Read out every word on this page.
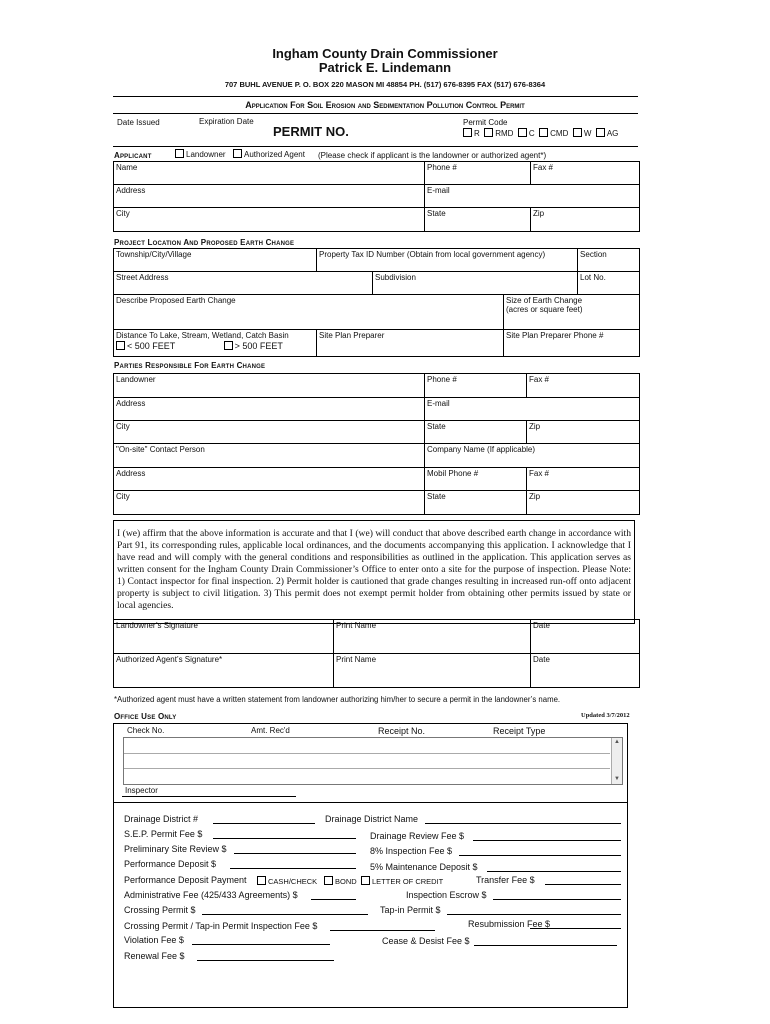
Ingham County Drain Commissioner
Patrick E. Lindemann
707 BUHL AVENUE P. O. BOX 220 MASON MI 48854 PH. (517) 676-8395 FAX (517) 676-8364
Application For Soil Erosion and Sedimentation Pollution Control Permit
Date Issued	Expiration Date
PERMIT NO.
Permit Code
R RMD C CMD W AG
Applicant	Landowner	Authorized Agent (Please check if applicant is the landowner or authorized agent*)
Name	Phone #	Fax #
Address	E-mail	
City	State	Zip
Project Location And Proposed Earth Change
Township/City/Village	Property Tax ID Number (Obtain from local government agency)			Section
Street Address		Subdivision		Lot No.
Describe Proposed Earth Change			Size of Earth Change
(acres or square feet)	

Distance To Lake, Stream, Wetland, Catch Basin
< 500 FEET > 500 FEET	Site Plan Preparer		Site Plan Preparer Phone #	
Parties Responsible For Earth Change
Landowner	Phone #	Fax #
Address	E-mail	
City	State	Zip
"On-site" Contact Person	Company Name (If applicable)	
Address	Mobil Phone #	Fax #
City	State	Zip
I (we) affirm that the above information is accurate and that I (we) will conduct that above described earth change in accordance with Part 91, its corresponding rules, applicable local ordinances, and the documents accompanying this application. I acknowledge that I have read and will comply with the general conditions and responsibilities as outlined in the application. This application serves as written consent for the Ingham County Drain Commissioner’s Office to enter onto a site for the purpose of inspection. Please Note: 1) Contact inspector for final inspection. 2) Permit holder is cautioned that grade changes resulting in increased run-off onto adjacent property is subject to civil litigation. 3) This permit does not exempt permit holder from obtaining other permits issued by state or local agencies.
Landowner’s Signature	Print Name	Date
Authorized Agent’s Signature*	Print Name	Date
*Authorized agent must have a written statement from landowner authorizing him/her to secure a permit in the landowner’s name.
Office Use Only	Updated 3/7/2012
Check No.	Amt. Rec'd	Receipt No.	Receipt Type
▲
▼
Inspector
Drainage District #	Drainage District Name
S.E.P. Permit Fee $	Drainage Review Fee $
Preliminary Site Review $	8% Inspection Fee $
Performance Deposit $	5% Maintenance Deposit $
Performance Deposit Payment	CASH/CHECK	BOND	LETTER OF CREDIT	Transfer Fee $
Administrative Fee (425/433 Agreements) $	Inspection Escrow $
Crossing Permit $	Tap-in Permit $
Crossing Permit / Tap-in Permit Inspection Fee $	Resubmission Fee $
Violation Fee $	Cease & Desist Fee $
Renewal Fee $
